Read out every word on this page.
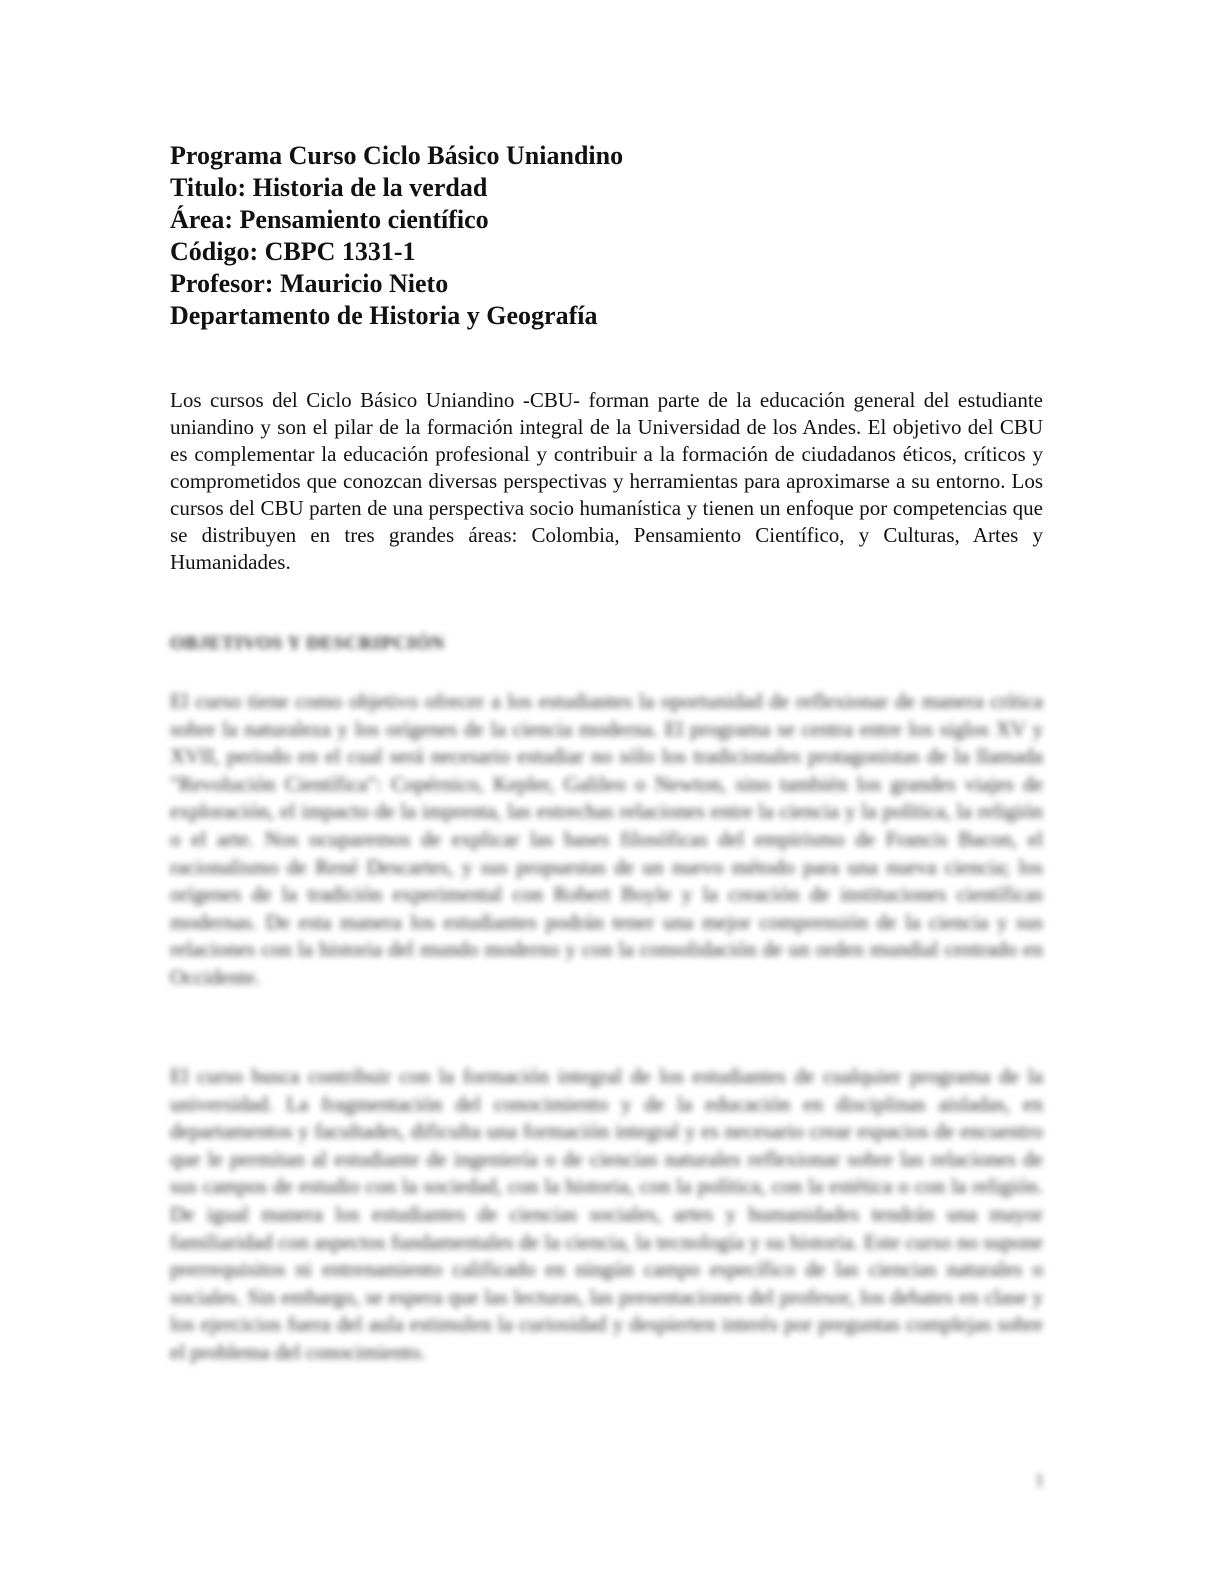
Programa Curso Ciclo Básico Uniandino
Titulo: Historia de la verdad
Área: Pensamiento científico
Código: CBPC 1331-1
Profesor: Mauricio Nieto
Departamento de Historia y Geografía

Los cursos del Ciclo Básico Uniandino -CBU- forman parte de la educación general del estudiante uniandino y son el pilar de la formación integral de la Universidad de los Andes. El objetivo del CBU es complementar la educación profesional y contribuir a la formación de ciudadanos éticos, críticos y comprometidos que conozcan diversas perspectivas y herramientas para aproximarse a su entorno. Los cursos del CBU parten de una perspectiva socio humanística y tienen un enfoque por competencias que se distribuyen en tres grandes áreas: Colombia, Pensamiento Científico, y Culturas, Artes y Humanidades.

OBJETIVOS Y DESCRIPCIÓN

El curso tiene como objetivo ofrecer a los estudiantes la oportunidad de reflexionar de manera crítica sobre la naturaleza y los orígenes de la ciencia moderna. El programa se centra entre los siglos XV y XVII, periodo en el cual será necesario estudiar no sólo los tradicionales protagonistas de la llamada "Revolución Científica": Copérnico, Kepler, Galileo o Newton, sino también los grandes viajes de exploración, el impacto de la imprenta, las estrechas relaciones entre la ciencia y la política, la religión o el arte. Nos ocuparemos de explicar las bases filosóficas del empirismo de Francis Bacon, el racionalismo de René Descartes, y sus propuestas de un nuevo método para una nueva ciencia; los orígenes de la tradición experimental con Robert Boyle y la creación de instituciones científicas modernas. De esta manera los estudiantes podrán tener una mejor comprensión de la ciencia y sus relaciones con la historia del mundo moderno y con la consolidación de un orden mundial centrado en Occidente.

El curso busca contribuir con la formación integral de los estudiantes de cualquier programa de la universidad. La fragmentación del conocimiento y de la educación en disciplinas aisladas, en departamentos y facultades, dificulta una formación integral y es necesario crear espacios de encuentro que le permitan al estudiante de ingeniería o de ciencias naturales reflexionar sobre las relaciones de sus campos de estudio con la sociedad, con la historia, con la política, con la estética o con la religión. De igual manera los estudiantes de ciencias sociales, artes y humanidades tendrán una mayor familiaridad con aspectos fundamentales de la ciencia, la tecnología y su historia. Este curso no supone prerrequisitos ni entrenamiento calificado en ningún campo específico de las ciencias naturales o sociales. Sin embargo, se espera que las lecturas, las presentaciones del profesor, los debates en clase y los ejercicios fuera del aula estimulen la curiosidad y despierten interés por preguntas complejas sobre el problema del conocimiento.

1
